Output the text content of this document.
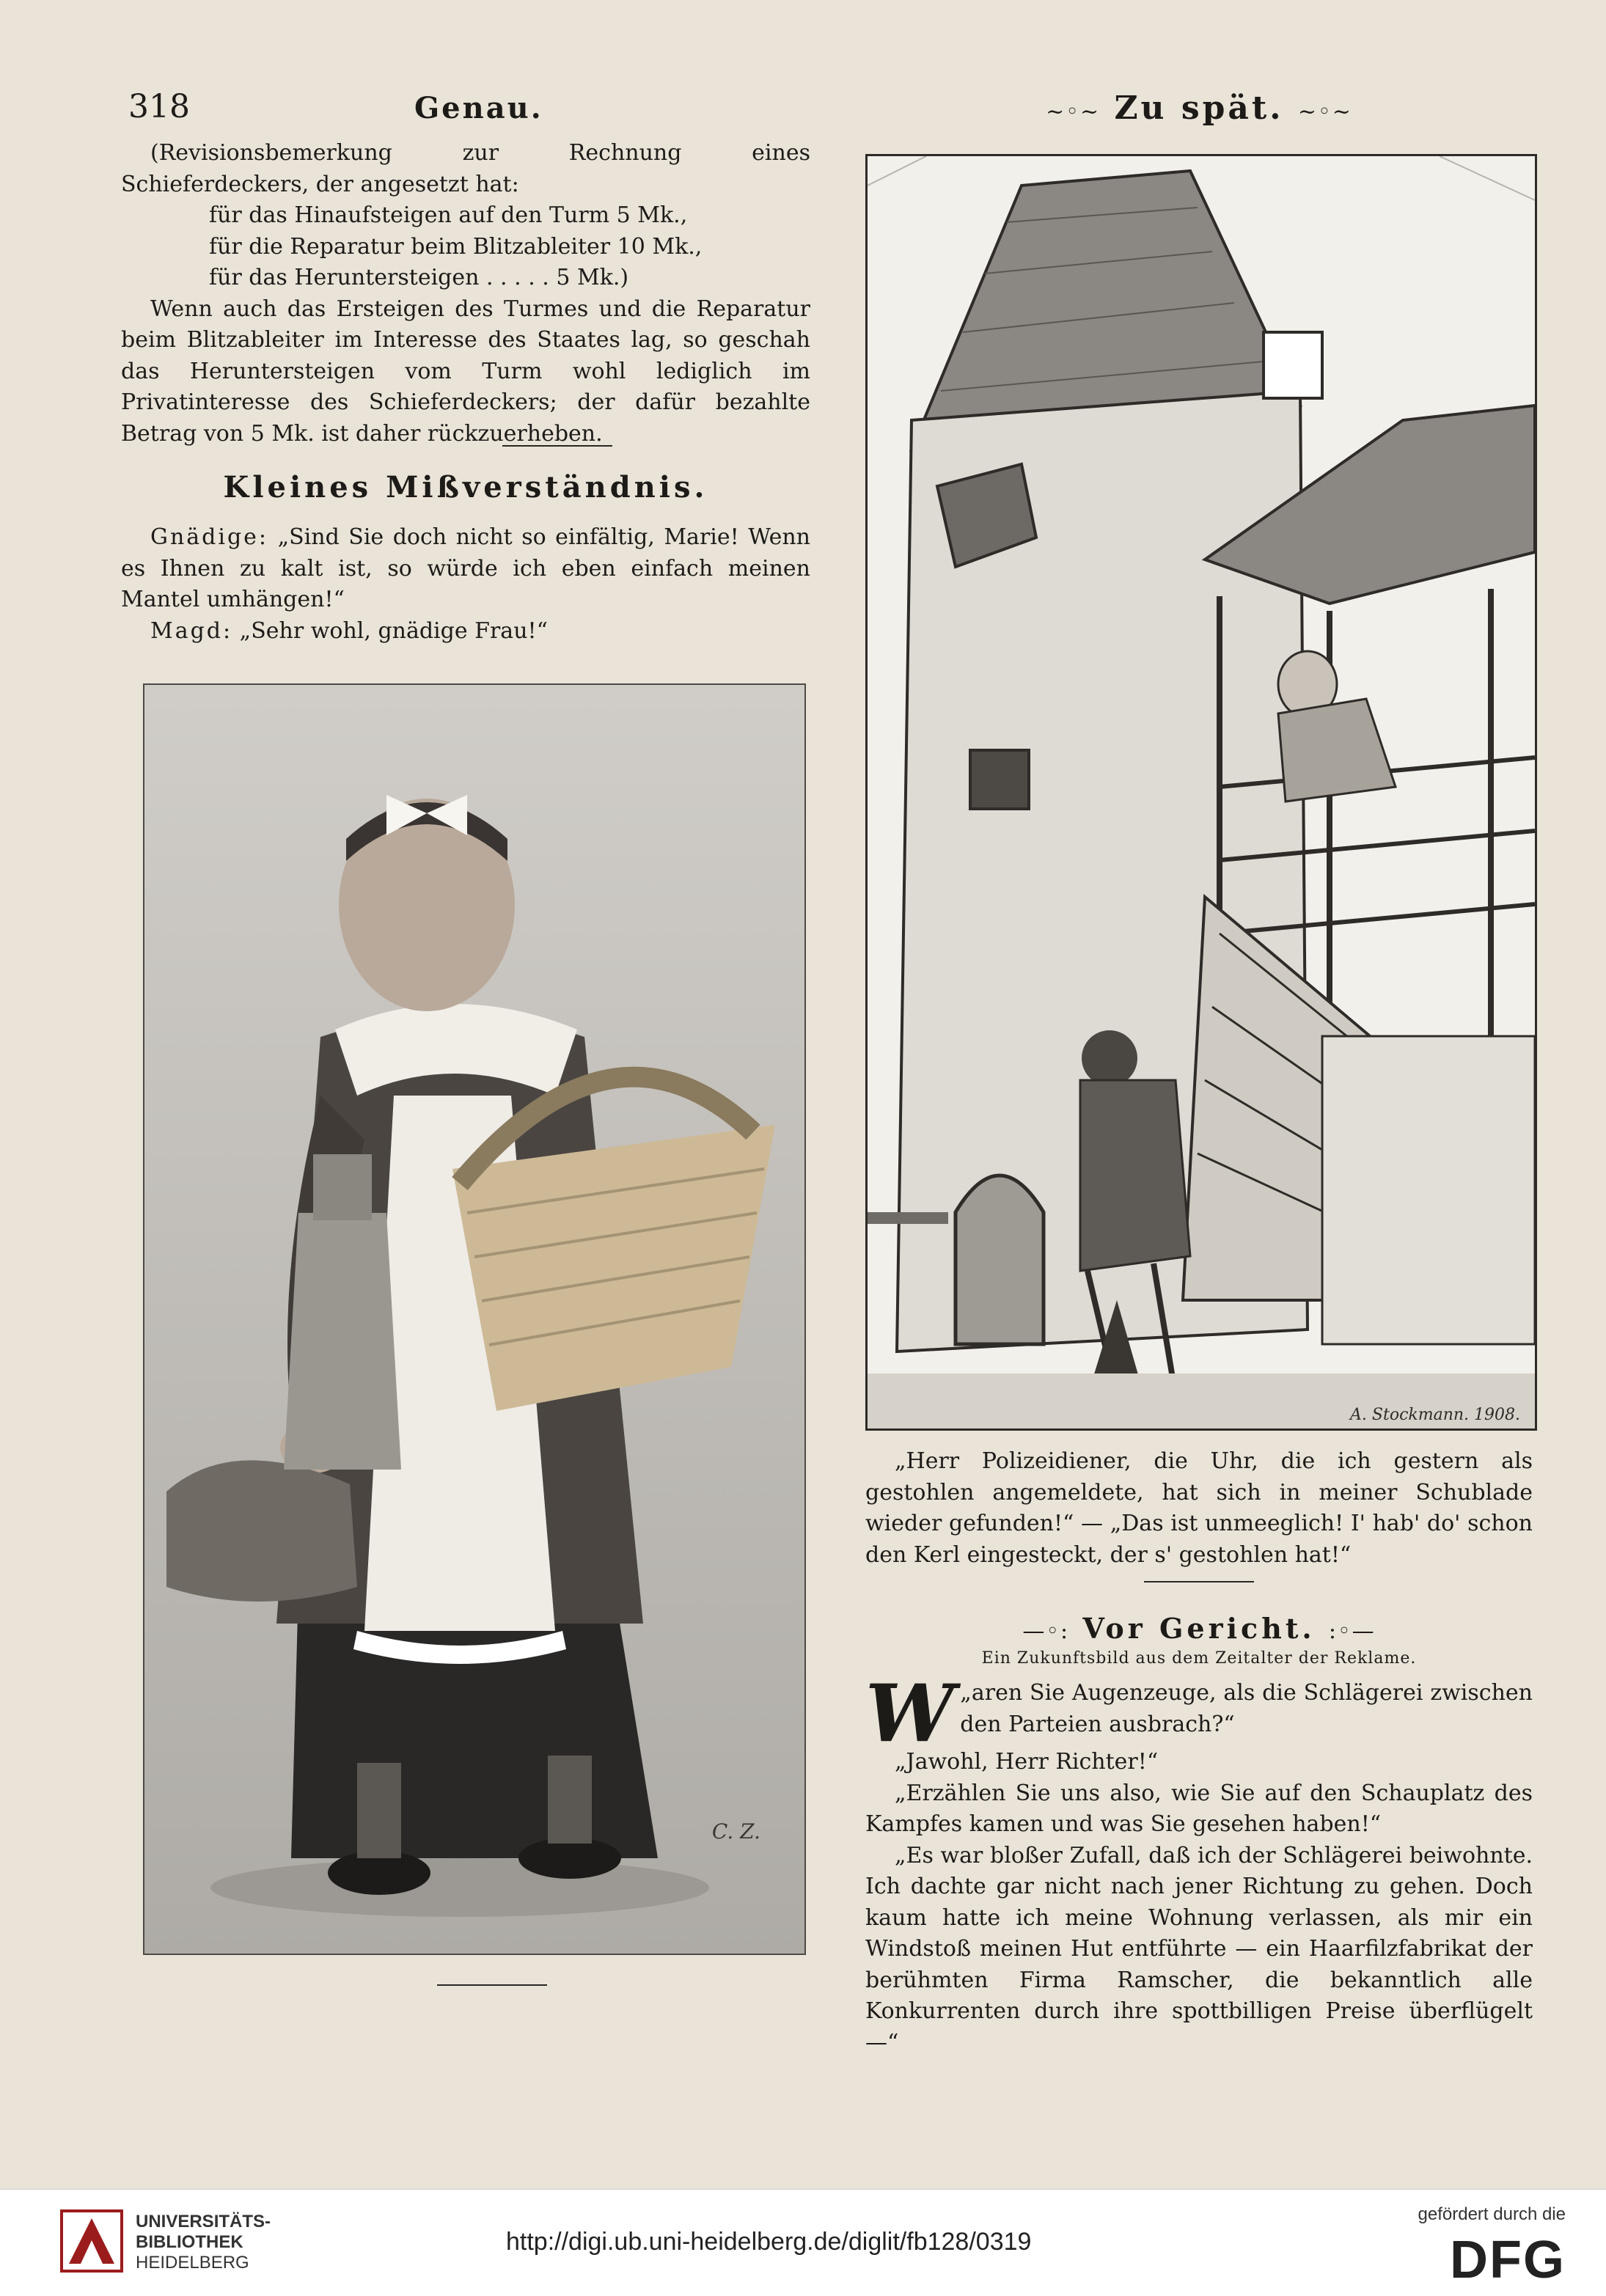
318	Genau.

(Revisionsbemerkung zur Rechnung eines Schieferdeckers, der angesetzt hat:

für das Hinaufsteigen auf den Turm 5 Mk.,
für die Reparatur beim Blitzableiter 10 Mk.,
für das Heruntersteigen . . . . . 5 Mk.)

Wenn auch das Ersteigen des Turmes und die Reparatur beim Blitzableiter im Interesse des Staates lag, so geschah das Heruntersteigen vom Turm wohl lediglich im Privatinteresse des Schieferdeckers; der dafür bezahlte Betrag von 5 Mk. ist daher rückzuerheben.

Kleines Mißverständnis.

Gnädige: „Sind Sie doch nicht so einfältig, Marie! Wenn es Ihnen zu kalt ist, so würde ich eben einfach meinen Mantel umhängen!“

Magd: „Sehr wohl, gnädige Frau!“

C. Z.
~◦~ Zu spät. ~◦~
A. Stockmann. 1908.

„Herr Polizeidiener, die Uhr, die ich gestern als gestohlen angemeldete, hat sich in meiner Schublade wieder gefunden!“ — „Das ist unmeeglich! I' hab' do' schon den Kerl eingesteckt, der s' gestohlen hat!“

—◦: Vor Gericht. :◦—
Ein Zukunftsbild aus dem Zeitalter der Reklame.

W „aren Sie Augenzeuge, als die Schlägerei zwischen den Parteien ausbrach?“

„Jawohl, Herr Richter!“

„Erzählen Sie uns also, wie Sie auf den Schauplatz des Kampfes kamen und was Sie gesehen haben!“

„Es war bloßer Zufall, daß ich der Schlägerei beiwohnte. Ich dachte gar nicht nach jener Richtung zu gehen. Doch kaum hatte ich meine Wohnung verlassen, als mir ein Windstoß meinen Hut entführte — ein Haarfilzfabrikat der berühmten Firma Ramscher, die bekanntlich alle Konkurrenten durch ihre spottbilligen Preise überflügelt —“

UNIVERSITÄTS-
BIBLIOTHEK
HEIDELBERG
http://digi.ub.uni-heidelberg.de/diglit/fb128/0319
gefördert durch die
DFG
